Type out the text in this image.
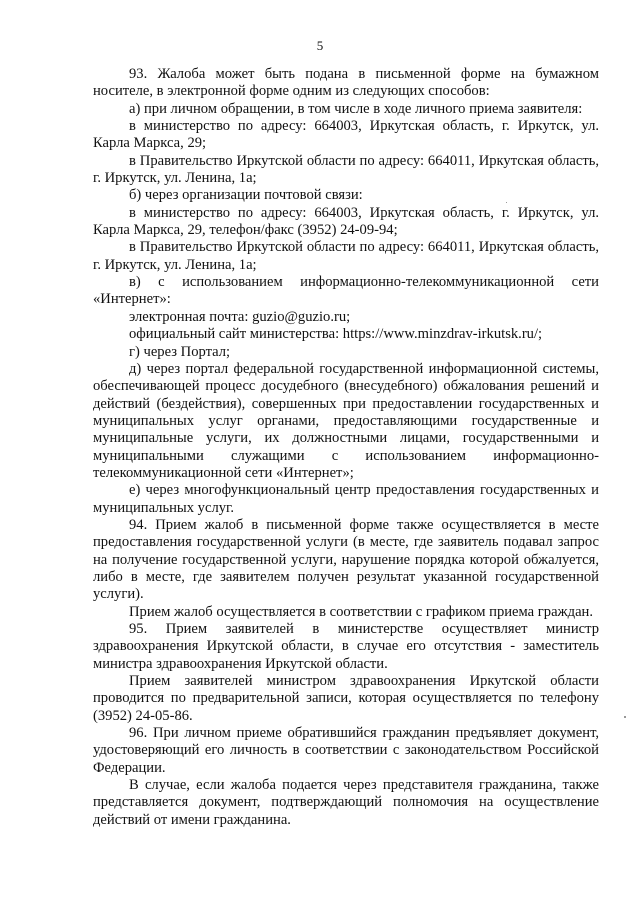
5

93. Жалоба может быть подана в письменной форме на бумажном носителе, в электронной форме одним из следующих способов:

а) при личном обращении, в том числе в ходе личного приема заявителя:

в министерство по адресу: 664003, Иркутская область, г. Иркутск, ул. Карла Маркса, 29;

в Правительство Иркутской области по адресу: 664011, Иркутская область, г. Иркутск, ул. Ленина, 1а;

б) через организации почтовой связи:

в министерство по адресу: 664003, Иркутская область, г. Иркутск, ул. Карла Маркса, 29, телефон/факс (3952) 24-09-94;

в Правительство Иркутской области по адресу: 664011, Иркутская область, г. Иркутск, ул. Ленина, 1а;

в) с использованием информационно-телекоммуникационной сети «Интернет»:

электронная почта: guzio@guzio.ru;

официальный сайт министерства: https://www.minzdrav-irkutsk.ru/;

г) через Портал;

д) через портал федеральной государственной информационной системы, обеспечивающей процесс досудебного (внесудебного) обжалования решений и действий (бездействия), совершенных при предоставлении государственных и муниципальных услуг органами, предоставляющими государственные и муниципальные услуги, их должностными лицами, государственными и муниципальными служащими с использованием информационно-телекоммуникационной сети «Интернет»;

е) через многофункциональный центр предоставления государственных и муниципальных услуг.

94. Прием жалоб в письменной форме также осуществляется в месте предоставления государственной услуги (в месте, где заявитель подавал запрос на получение государственной услуги, нарушение порядка которой обжалуется, либо в месте, где заявителем получен результат указанной государственной услуги).

Прием жалоб осуществляется в соответствии с графиком приема граждан.

95. Прием заявителей в министерстве осуществляет министр здравоохранения Иркутской области, в случае его отсутствия - заместитель министра здравоохранения Иркутской области.

Прием заявителей министром здравоохранения Иркутской области проводится по предварительной записи, которая осуществляется по телефону (3952) 24-05-86.

96. При личном приеме обратившийся гражданин предъявляет документ, удостоверяющий его личность в соответствии с законодательством Российской Федерации.

В случае, если жалоба подается через представителя гражданина, также представляется документ, подтверждающий полномочия на осуществление действий от имени гражданина.
